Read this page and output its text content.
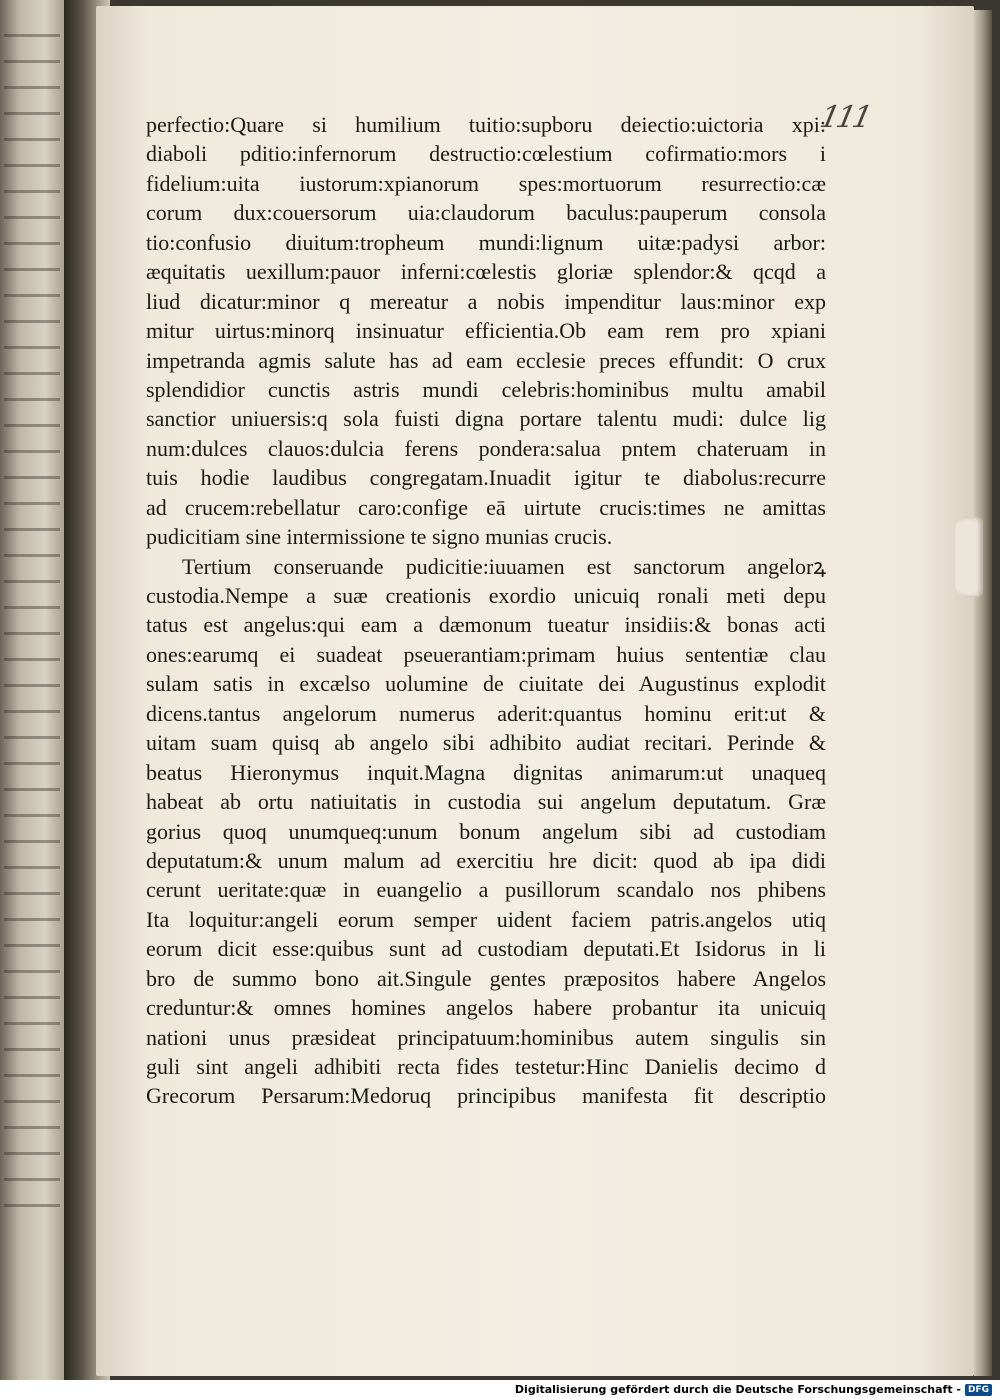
111
perfectio:Quare si humilium tuitio:supboru deiectio:uictoria xpi:
diaboli pditio:infernorum destructio:cœlestium cofirmatio:mors i
fidelium:uita iustorum:xpianorum spes:mortuorum resurrectio:cæ
corum dux:couersorum uia:claudorum baculus:pauperum consola
tio:confusio diuitum:tropheum mundi:lignum uitæ:padysi arbor:
æquitatis uexillum:pauor inferni:cœlestis gloriæ splendor:& qcqd a
liud dicatur:minor q mereatur a nobis impenditur laus:minor exp
mitur uirtus:minorq insinuatur efficientia.Ob eam rem pro xpiani
impetranda agmis salute has ad eam ecclesie preces effundit: O crux
splendidior cunctis astris mundi celebris:hominibus multu amabil
sanctior uniuersis:q sola fuisti digna portare talentu mudi: dulce lig
num:dulces clauos:dulcia ferens pondera:salua pntem chateruam in
tuis hodie laudibus congregatam.Inuadit igitur te diabolus:recurre
ad crucem:rebellatur caro:confige eā uirtute crucis:times ne amittas
pudicitiam sine intermissione te signo munias crucis.
Tertium conseruande pudicitie:iuuamen est sanctorum angelorꝝ
custodia.Nempe a suæ creationis exordio unicuiq ronali meti depu
tatus est angelus:qui eam a dæmonum tueatur insidiis:& bonas acti
ones:earumq ei suadeat pseuerantiam:primam huius sententiæ clau
sulam satis in excælso uolumine de ciuitate dei Augustinus explodit
dicens.tantus angelorum numerus aderit:quantus hominu erit:ut &
uitam suam quisq ab angelo sibi adhibito audiat recitari. Perinde &
beatus Hieronymus inquit.Magna dignitas animarum:ut unaqueq
habeat ab ortu natiuitatis in custodia sui angelum deputatum. Græ
gorius quoq unumqueq:unum bonum angelum sibi ad custodiam
deputatum:& unum malum ad exercitiu hre dicit: quod ab ipa didi
cerunt ueritate:quæ in euangelio a pusillorum scandalo nos phibens
Ita loquitur:angeli eorum semper uident faciem patris.angelos utiq
eorum dicit esse:quibus sunt ad custodiam deputati.Et Isidorus in li
bro de summo bono ait.Singule gentes præpositos habere Angelos
creduntur:& omnes homines angelos habere probantur ita unicuiq
nationi unus præsideat principatuum:hominibus autem singulis sin
guli sint angeli adhibiti recta fides testetur:Hinc Danielis decimo d
Grecorum Persarum:Medoruq principibus manifesta fit descriptio
Digitalisierung gefördert durch die Deutsche Forschungsgemeinschaft - DFG
